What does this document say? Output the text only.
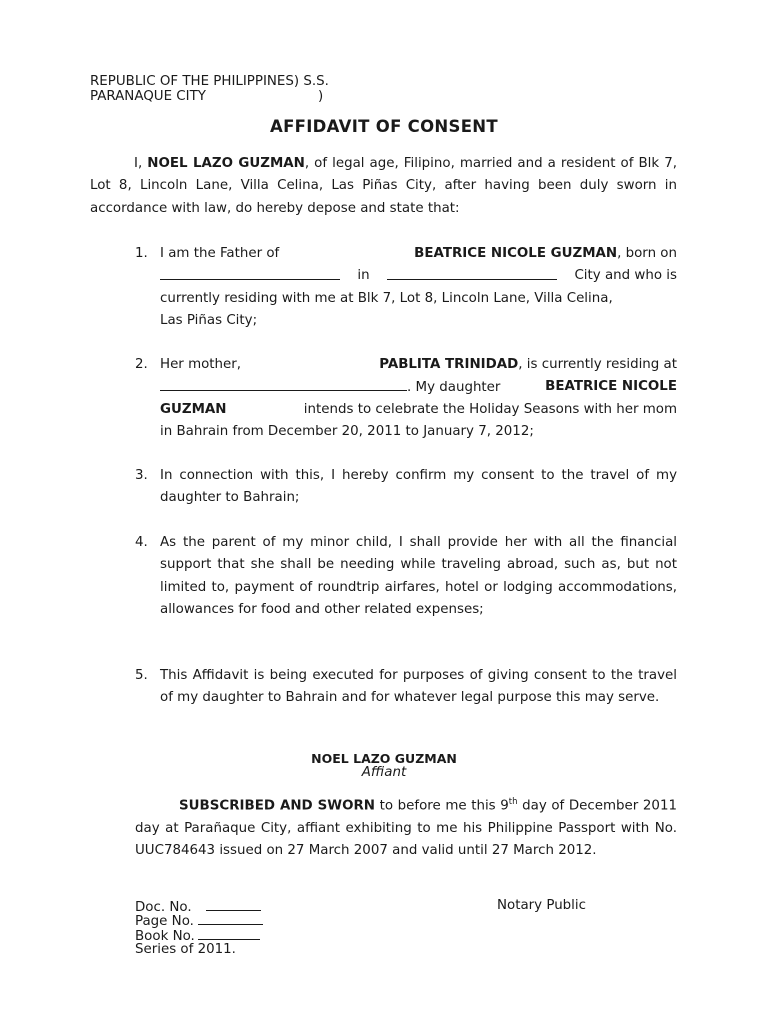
REPUBLIC OF THE PHILIPPINES) S.S.
PARANAQUE CITY	)
AFFIDAVIT OF CONSENT
I, NOEL LAZO GUZMAN, of legal age, Filipino, married and a resident of Blk 7, Lot 8, Lincoln Lane, Villa Celina, Las Piñas City, after having been duly sworn in accordance with law, do hereby depose and state that:
1. I am the Father of	BEATRICE NICOLE GUZMAN, born on
in	City and who is
currently residing with me at Blk 7, Lot 8, Lincoln Lane, Villa Celina,
Las Piñas City;
2. Her mother,	PABLITA TRINIDAD, is currently residing at
. My daughter	BEATRICE NICOLE
GUZMAN	intends to celebrate the Holiday Seasons with her mom
in Bahrain from December 20, 2011 to January 7, 2012;
3. In connection with this, I hereby confirm my consent to the travel of my daughter to Bahrain;
4. As the parent of my minor child, I shall provide her with all the financial support that she shall be needing while traveling abroad, such as, but not limited to, payment of roundtrip airfares, hotel or lodging accommodations, allowances for food and other related expenses;
5. This Affidavit is being executed for purposes of giving consent to the travel of my daughter to Bahrain and for whatever legal purpose this may serve.
NOEL LAZO GUZMAN
Affiant
SUBSCRIBED AND SWORN to before me this 9th day of December 2011 day at Parañaque City, affiant exhibiting to me his Philippine Passport with No. UUC784643 issued on 27 March 2007 and valid until 27 March 2012.
Doc. No.
Page No.
Book No.
Series of 2011.
Notary Public
